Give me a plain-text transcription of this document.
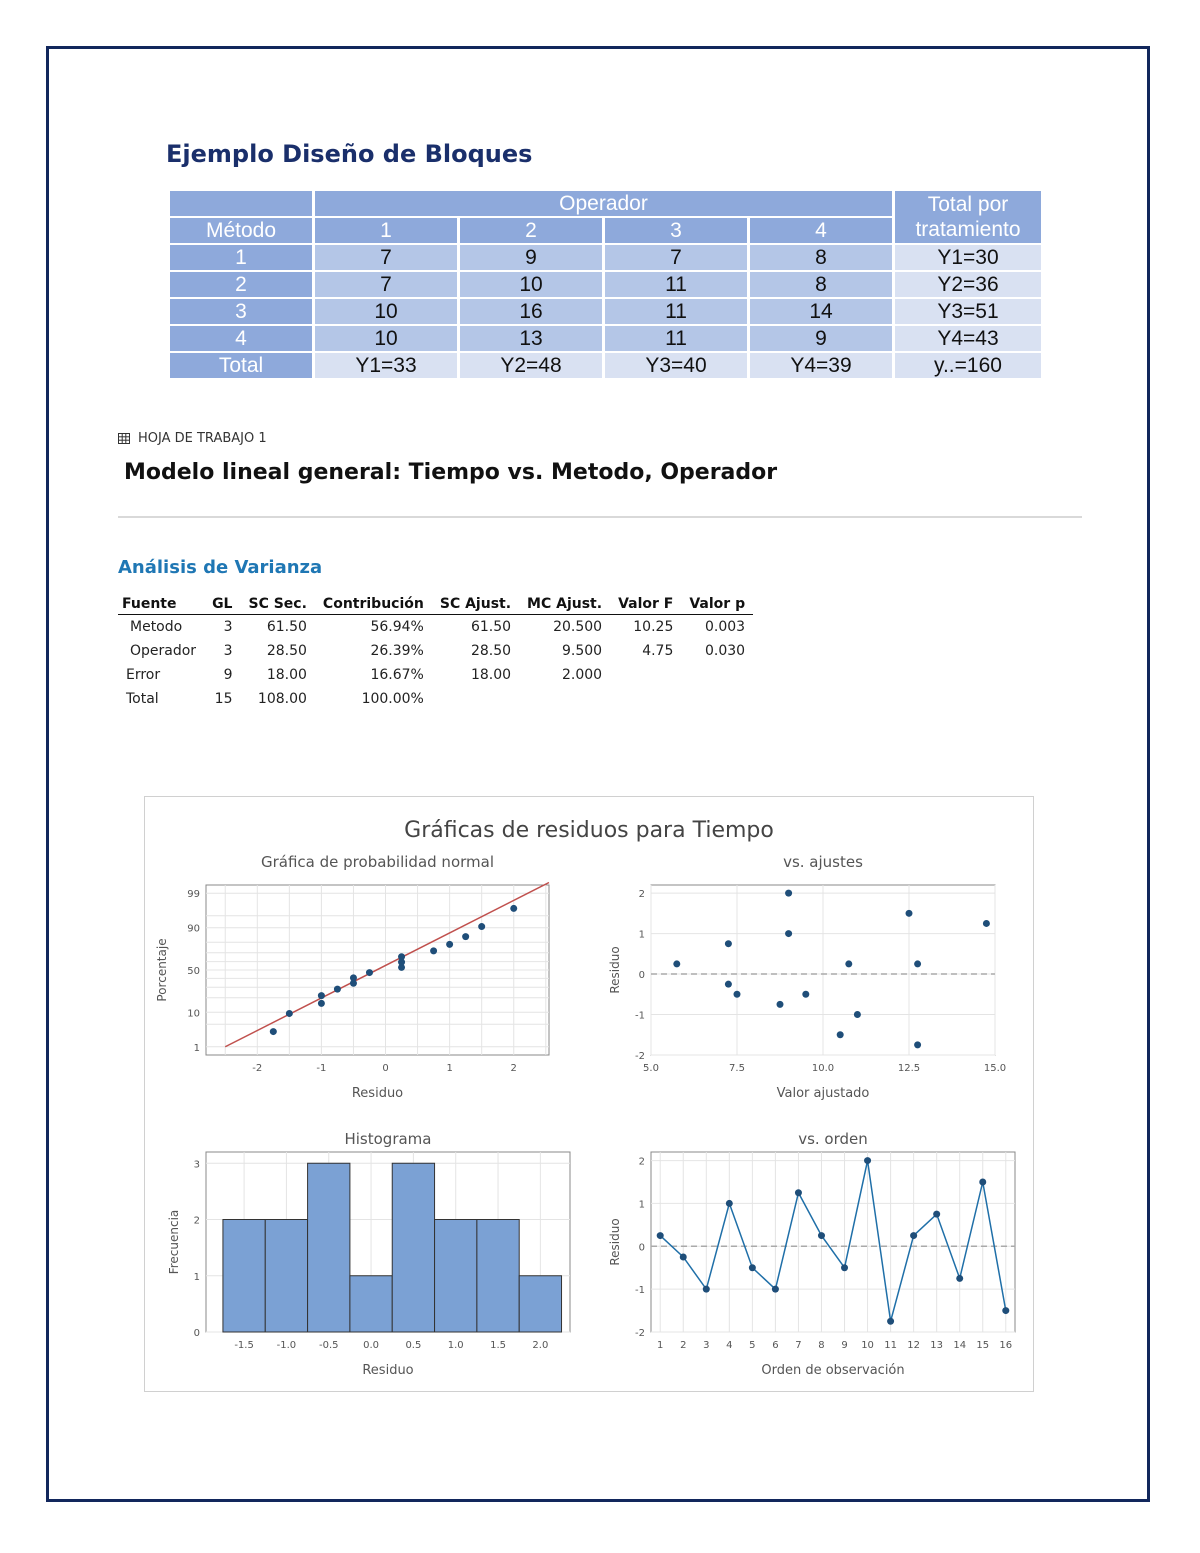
Ejemplo Diseño de Bloques
	Operador				Total por
tratamiento

Método	1	2	3	4	
1	7	9	7	8	Y1=30
2	7	10	11	8	Y2=36
3	10	16	11	14	Y3=51
4	10	13	11	9	Y4=43
Total	Y1=33	Y2=48	Y3=40	Y4=39	y..=160
HOJA DE TRABAJO 1
Modelo lineal general: Tiempo vs. Metodo, Operador
Análisis de Varianza
Fuente	GL	SC Sec.	Contribución	SC Ajust.	MC Ajust.	Valor F	Valor p
Metodo	3	61.50	56.94%	61.50	20.500	10.25	0.003
Operador	3	28.50	26.39%	28.50	9.500	4.75	0.030
Error	9	18.00	16.67%	18.00	2.000		
Total	15	108.00	100.00%				
Gráficas de residuos para Tiempo
-2	-1	0	1	2
1
10
50
90
99
Gráfica de probabilidad normal
Residuo
Porcentaje
5.0	7.5	10.0	12.5	15.0
-2
-1
0
1
2
vs. ajustes
Valor ajustado
Residuo
-1.5 -1.0 -0.5 0.0	0.5	1.0	1.5	2.0
0
1
2
3
Histograma
Residuo
Frecuencia
1 2 3 4 5 6 7 8 9 10 11 12 13 14 15 16
-2
-1
0
1
2
vs. orden
Orden de observación
Residuo
